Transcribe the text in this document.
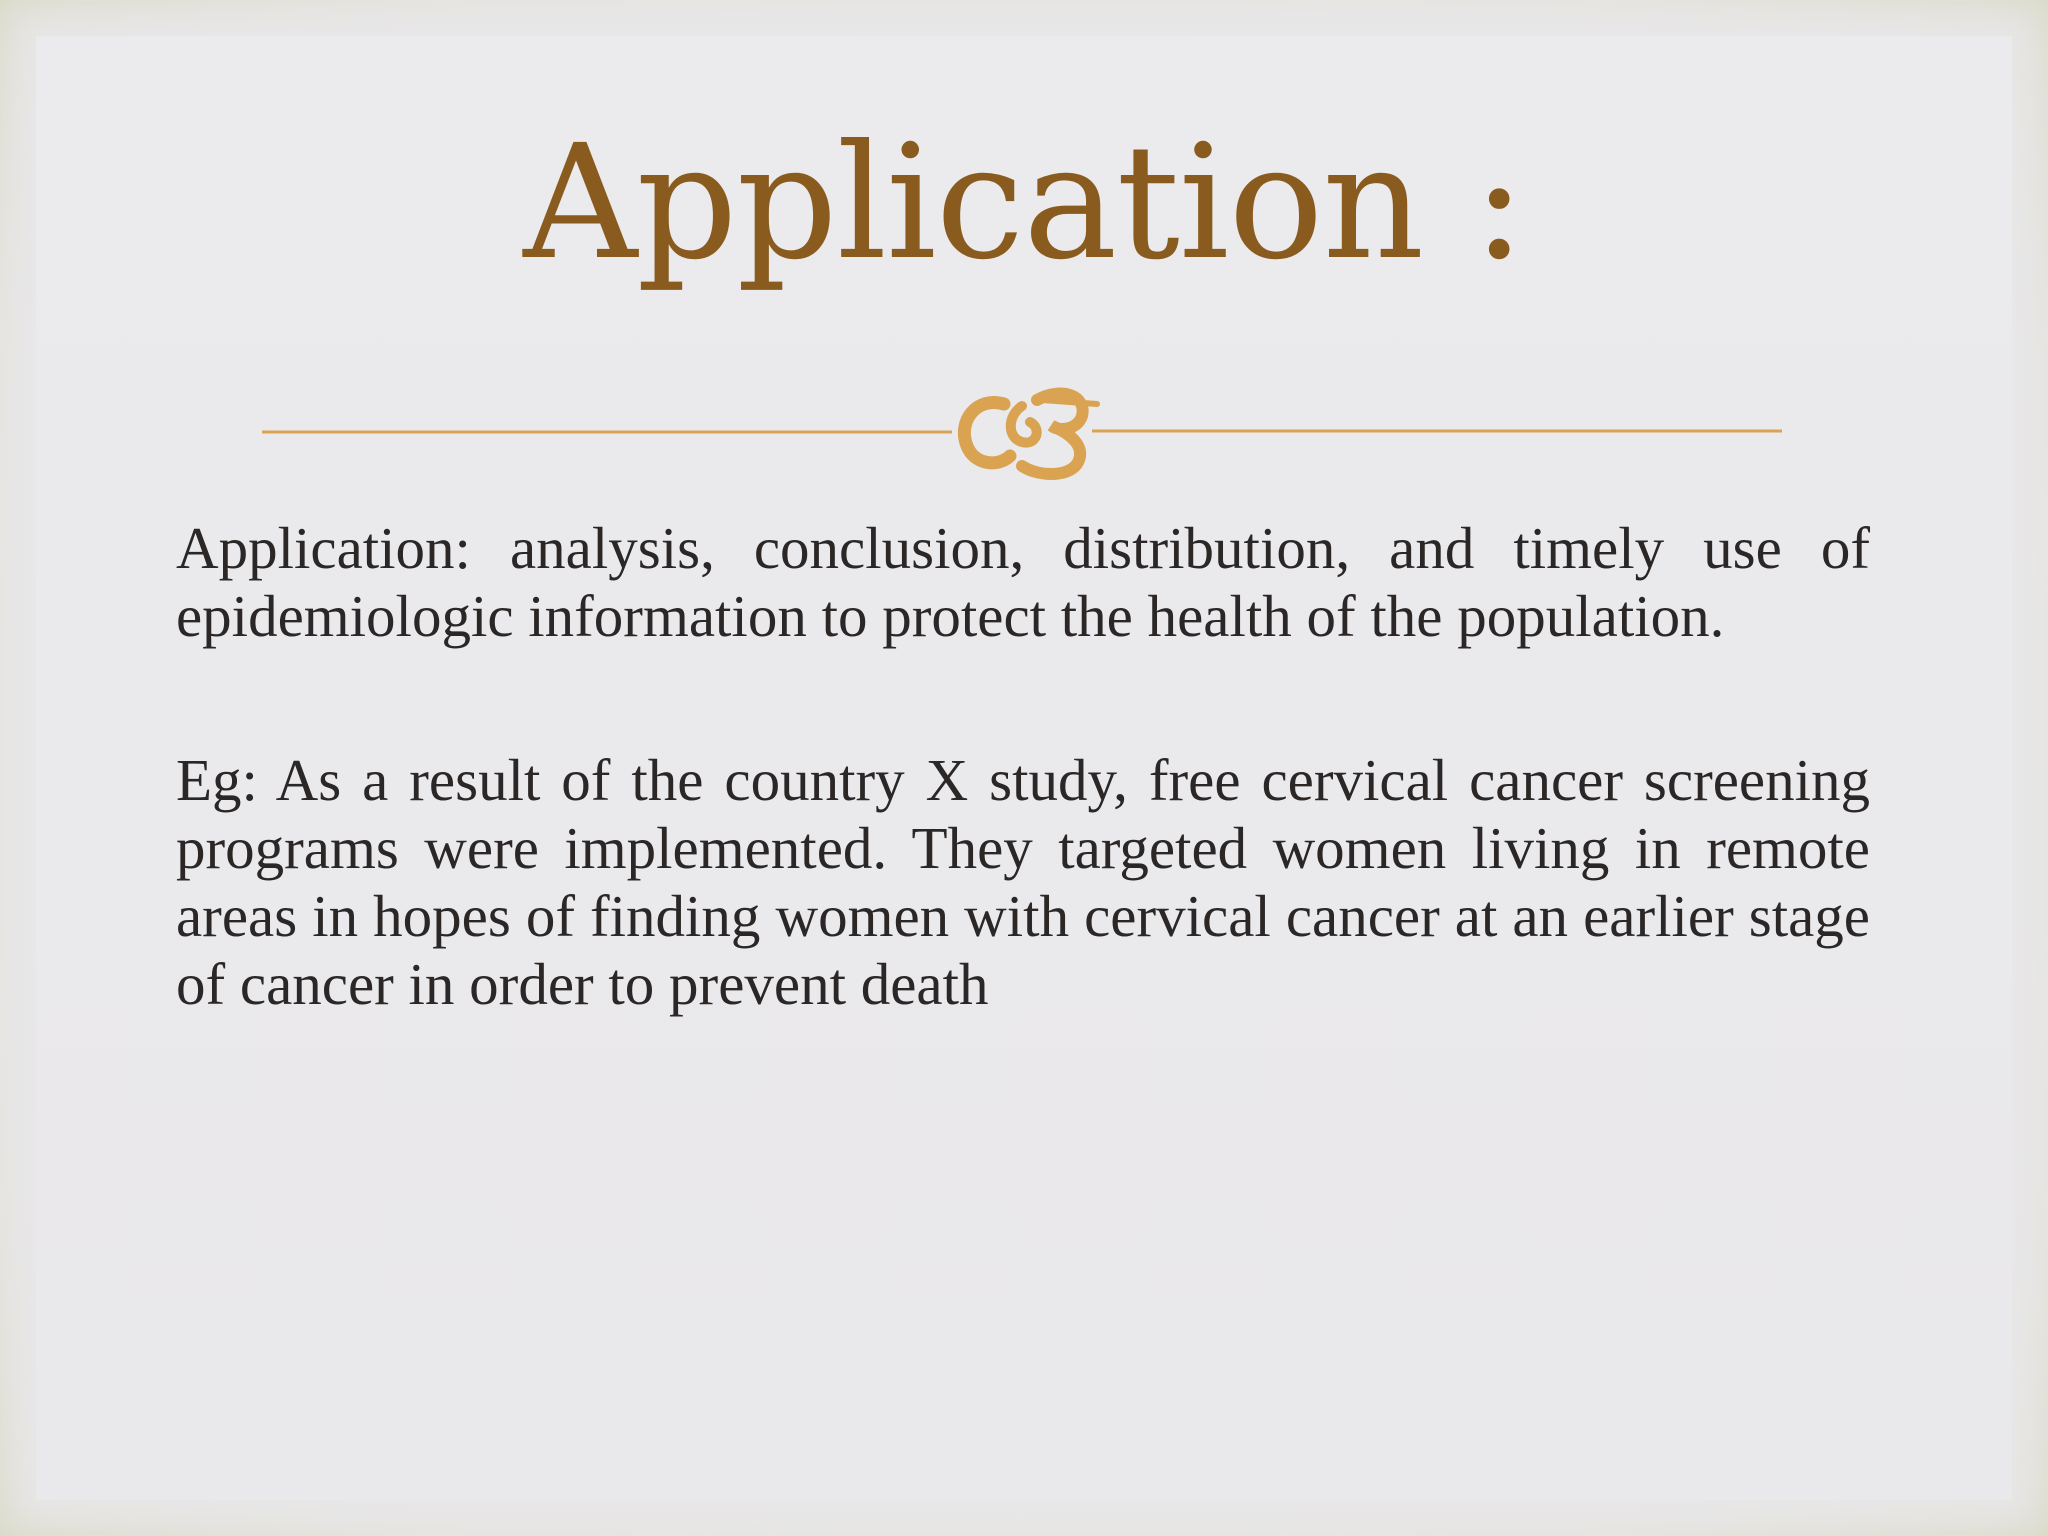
Application :

Application: analysis, conclusion, distribution, and timely use of epidemiologic information to protect the health of the population.

Eg: As a result of the country X study, free cervical cancer screening programs were implemented. They targeted women living in remote areas in hopes of finding women with cervical cancer at an earlier stage of cancer in order to prevent death
